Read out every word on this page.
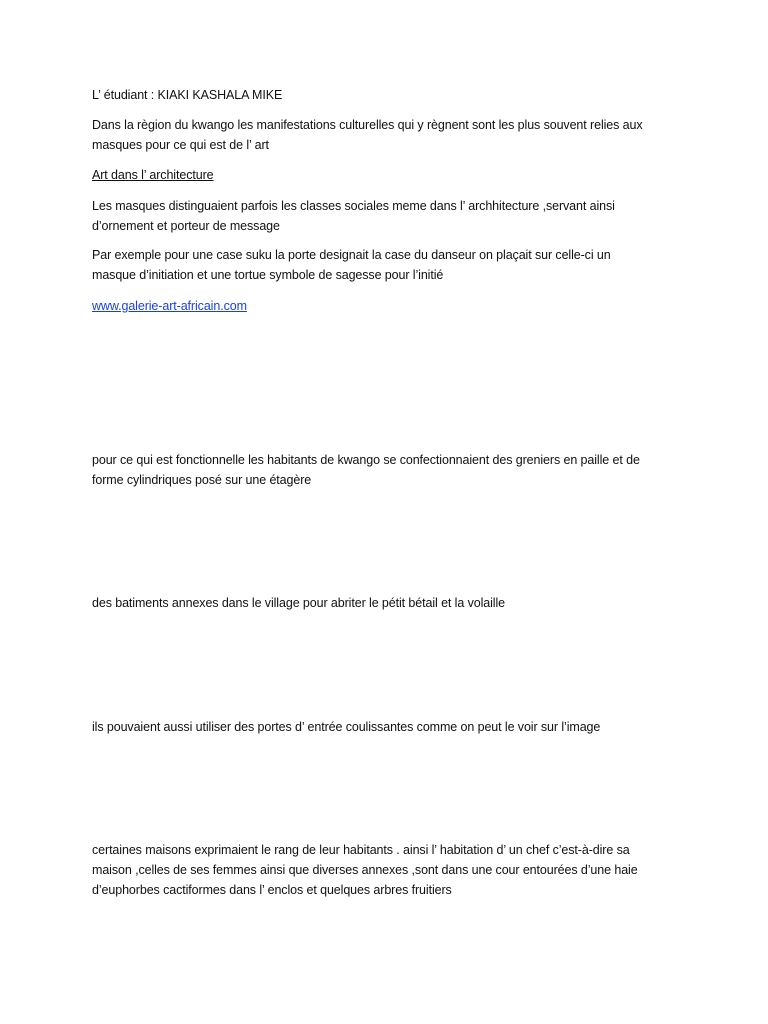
L’ étudiant : KIAKI KASHALA MIKE
Dans la règion du kwango les manifestations culturelles qui y règnent sont les plus souvent relies aux
masques pour ce qui est de l’ art
Art dans l’ architecture
Les masques distinguaient parfois les classes sociales meme dans l’ archhitecture ,servant ainsi
d’ornement et porteur de message
Par exemple pour une case suku la porte designait la case du danseur on plaçait sur celle-ci un
masque d’initiation et une tortue symbole de sagesse pour l’initié
www.galerie-art-africain.com
pour ce qui est fonctionnelle les habitants de kwango se confectionnaient des greniers en paille et de
forme cylindriques posé sur une étagère
des batiments annexes dans le village pour abriter le pétit bétail et la volaille
ils pouvaient aussi utiliser des portes d’ entrée coulissantes comme on peut le voir sur l’image
certaines maisons exprimaient le rang de leur habitants . ainsi l’ habitation d’ un chef c’est-à-dire sa
maison ,celles de ses femmes ainsi que diverses annexes ,sont dans une cour entourées d’une haie
d’euphorbes cactiformes dans l’ enclos et quelques arbres fruitiers
